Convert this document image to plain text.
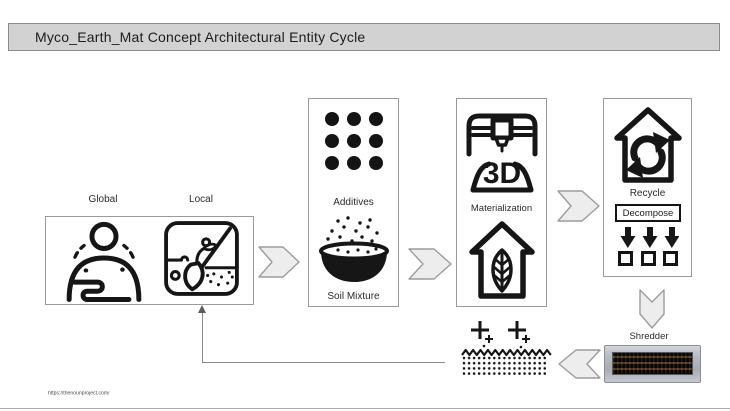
Myco_Earth_Mat Concept Architectural Entity Cycle
Global	Local	Additives
Soil Mixture
3D
Materialization
Recycle
Decompose
Shredder
https://thenounproject.com/
